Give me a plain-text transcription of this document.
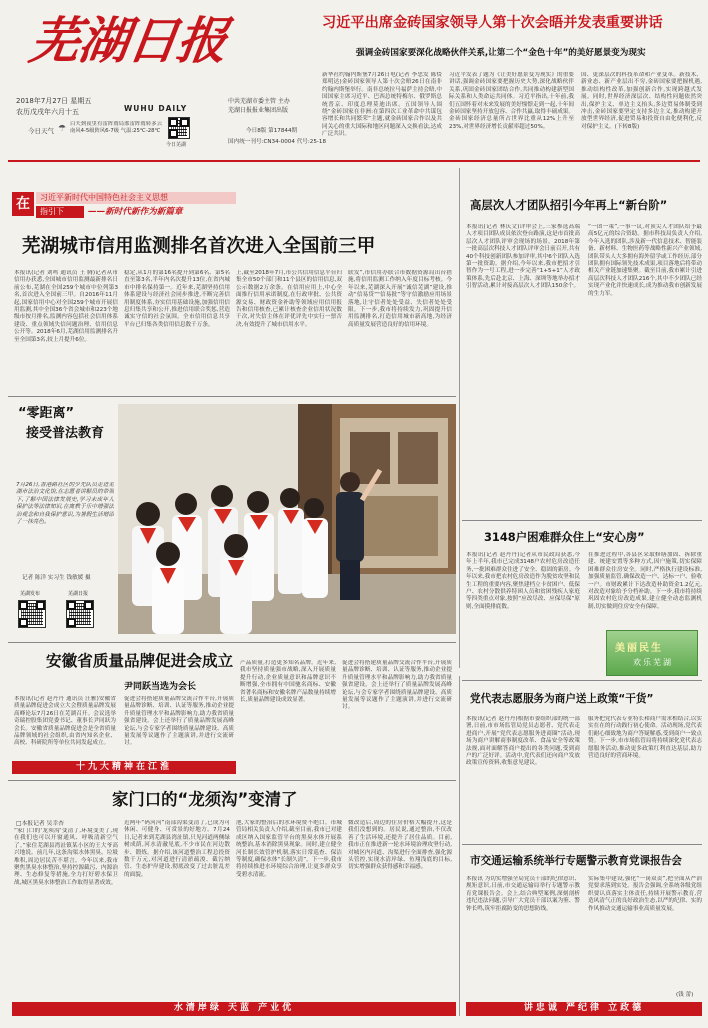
芜湖日报
2018年7月27日 星期五
农历戊戌年六月十五	WUHU DAILY
中共芜湖市委主管 主办
芜湖日报报业集团出版
今日8版 第17844期
国内统一刊号:CN34-0004 代号:25-18
今日芜湖
今日天气 ☂ 白天到夜里有雷阵雨局部雷阵雨转多云 南风4-5级阵风6-7级 气温:25℃-28℃
习近平出席金砖国家领导人第十次会晤并发表重要讲话
强调金砖国家要深化战略伙伴关系,让第二个“金色十年”的美好愿景变为现实
新华社约翰内斯堡7月26日电(记者 李忠发 陈贽 郑明达)金砖国家领导人第十次会晤26日在南非约翰内斯堡举行。南非总统拉马福萨主持会晤,中国国家主席习近平、巴西总统特梅尔、俄罗斯总统普京、印度总理莫迪出席。五国领导人围绕“金砖国家在非洲:在第四次工业革命中共谋包容增长和共同繁荣”主题,就金砖国家合作以及共同关心的重大国际和地区问题深入交换看法,达成广泛共识。
习近平发表了题为《让美好愿景变为现实》的重要讲话,强调金砖国家要把握历史大势,深化战略伙伴关系,巩固金砖国家团结合作,共同推动构建新型国际关系和人类命运共同体。习近平指出,十年前,我们五国怀着对未来发展的美好憧憬走到一起,十年间金砖国家坚持开放包容、合作共赢,取得丰硕成果。金砖国家经济总量所占世界比重从12%上升至23%,对世界经济增长贡献率超过50%。
国、更深层次的科技革命和产业变革。新技术、新业态、新产业层出不穷,金砖国家要把握机遇,推动结构性改革,加强创新合作,实现跨越式发展。同时,世界经济深层次、结构性问题依然突出,保护主义、单边主义抬头,多边贸易体制受到冲击,金砖国家要坚定支持多边主义,推动构建开放型世界经济,促进贸易和投资自由化便利化,反对保护主义。(下转8版)
在	习近平新时代中国特色社会主义思想
指引下	——新时代新作为新篇章
芜湖城市信用监测排名首次进入全国前三甲
本报讯(记者 刘鸣 通讯员 王 腾)记者从市信用办获悉,全国城市信用监测最新排名日前公布,芜湖在全国259个城市中位列第3名,首次进入全国前三甲。自2016年11月起,国家信用中心对全国259个城市开展信用监测,其中全国36个省会城市和223个地级市按月排名,监测内容包括社会信用体系建设、重点领域失信问题治理、信用信息公开等。2018年6月,芜湖信用监测排名升至全国第3名,较上月提升6位。
稳定,从1月的第16名提升到第6名、第5名直至第3名,半年内名次提升13位,在省内城市中排名保持第一。近年来,芜湖坚持信用体系建设与经济社会同步推进,不断完善信用制度体系,夯实信用基础设施,加强信用信息归集共享和公开,推进信用联合奖惩,营造诚实守信的社会氛围。全市信用信息共享平台已归集各类信用信息数千万条。
上,截至2018年7月,市公共信用信息平台归集全市50个部门和11个县区的信用信息,双公示数据2万余条。在信用应用上,中心全面推行信用承诺制度,在行政审批、公共资源交易、财政资金补助等领域应用信用报告和信用核查,已累计核查企业信用状况数千次,对失信主体在评优评先中实行一票否决,有效提升了城市信用水平。
联发”,市信用办联合市数据资源局出台措施,将信用监测工作纳入年度目标考核。今年以来,芜湖深入开展“诚信芜湖”建设,推动“信易贷”“信易批”等守信激励应用场景落地,让守信者处处受益、失信者处处受限。下一步,我市将持续发力,巩固提升信用监测排名,打造信用城市新高地,为经济高质量发展营造良好的信用环境。
高层次人才团队招引今年再上“新台阶”
本报讯(记者 林庆文)评审会上,三家参选高端人才项目团队成员依次登台路演,这是市首批高层次人才团队评审会现场的场景。2018年第一批高层次科技人才团队评审会日前召开,共有40个科技创新团队参加评审,其中6个团队入选第一批资助。据介绍,今年以来,我市把招才引智作为一号工程,进一步完善“1+5+1”人才政策体系,先后赴北京、上海、深圳等地举办招才引智活动,累计对接高层次人才团队150余个。
“一团一策”,一事一议,对顶尖人才团队给予最高5亿元的综合资助。据市科技局负责人介绍,今年入选的团队,涉及新一代信息技术、智能装备、新材料、生物医药等战略性新兴产业领域,团队带头人大多拥有海外留学或工作经历,部分团队拥有国际领先技术成果,项目落地后将带动相关产业链加速集聚。截至目前,我市累计引进高层次科技人才团队216个,其中不少团队已经实现产业化并快速成长,成为推动我市创新发展的生力军。
“零距离”
接受普法教育
7月26日,香港路社区的少先队员走进芜湖市法治文化馆,在志愿者讲解员的带领下,了解中国法律发展史,学习未成年人保护法等法律知识,在寓教于乐中增强法治观念和自我保护意识,为暑假生活增添了一抹亮色。
记者 陈洋 实习生 钱敏媛 摄
芜湖发布	芜湖日报
3148户困难群众住上“安心房”
本报讯(记者 赵丹丹)记者从市民政局获悉,今年上半年,我市已完成3148户农村危房改造任务,一批困难群众住进了安全、稳固的新房。今年以来,我市把农村危房改造作为脱贫攻坚和民生工程的重要内容,聚焦建档立卡贫困户、低保户、农村分散供养特困人员和贫困残疾人家庭等四类重点对象,按照“应改尽改、应保尽保”原则,全面摸排底数。
在推进过程中,各县区采取修缮加固、拆除重建、统建安置等多种方式,因户施策,切实保障困难群众住房安全。同时,严格执行建设标准,加强质量监管,确保改造一户、达标一户、验收一户。市财政累计下达改造补助资金1.2亿元,对改造对象给予分档补助。下一步,我市将持续巩固农村危房改造成果,建立健全动态监测机制,切实做到住房安全有保障。
美丽民生
欢乐芜湖
安徽省质量品牌促进会成立
尹同跃当选为会长
本报讯(记者 赵丹丹 通讯员 汪雅)安徽省质量品牌促进会成立大会暨质量品牌发展高峰论坛7月26日在芜湖召开。会议选举奇瑞控股集团党委书记、董事长尹同跃为会长。安徽省质量品牌促进会是全省质量品牌领域的社会组织,由省内知名企业、高校、科研院所等单位共同发起成立。
促进会将搭建质量品牌交流合作平台,开展质量品牌诊断、培训、认证等服务,推动企业提升质量管理水平和品牌影响力,助力我省质量强省建设。会上还举行了质量品牌发展高峰论坛,与会专家学者围绕质量品牌建设、高质量发展等议题作了主题演讲,并进行交流研讨。
产品质量,打造更多知名品牌。近年来,我市坚持质量强市战略,深入开展质量提升行动,企业质量意识和品牌意识不断增强,全市拥有中国驰名商标、安徽省著名商标和安徽名牌产品数量持续增长,质量品牌建设成效显著。
促进会将搭建质量品牌交流合作平台,开展质量品牌诊断、培训、认证等服务,推动企业提升质量管理水平和品牌影响力,助力我省质量强省建设。会上还举行了质量品牌发展高峰论坛,与会专家学者围绕质量品牌建设、高质量发展等议题作了主题演讲,并进行交流研讨。
十九大精神在江淮
党代表志愿服务为商户送上政策“干货”
本报讯(记者 赵丹丹)根据市委组织部的统一部署,日前,市市场监管局党员志愿者、党代表走进商户,开展“党代表志愿服务进商圈”活动,现场为商户讲解商事制度改革、食品安全等政策法规,面对面解答商户提出的各类问题,受到商户的广泛好评。活动中,党代表们还向商户发放政策宣传资料,收集意见建议。
服务把党代表专业特长和商户需求相结合,以实实在在的行动践行初心使命。活动现场,党代表们耐心细致地为商户答疑解惑,受到商户一致点赞。下一步,市市场监管局将持续深化党代表志愿服务活动,推动更多政策红利直达基层,助力营造良好的营商环境。
家门口的“龙须沟”变清了
□本报记者 吴幸杏
“家门口的‘龙须沟’变清了,环境变美了,现在我们也可以开窗通风、呼吸清新空气了。”家住芜湖县湾沚镇某小区的王大爷高兴地说。前几年,这条沟渠水体黑臭、垃圾堆积,周边居民苦不堪言。今年以来,我市聚焦黑臭水体整治,坚持控源截污、内源治理、生态修复等措施,全力打好碧水保卫战,城区黑臭水体整治工作取得显著成效。
近两年“码河河”南部沟渠变清了,已成为可休闲、可健身、可赏景的好地方。7月24日,记者来到芜湖县湾沚镇,只见河道两侧绿树成荫,河水清澈见底,不少市民在河边散步、锻炼。据介绍,该河道整治工程总投资数千万元,对河道进行清淤疏浚、截污纳管、生态护岸建设,彻底改变了过去脏乱差的面貌。
池,大家的整治后的水环境赞不绝口。市城管局相关负责人介绍,截至目前,我市已对建成区纳入国家监管平台的黑臭水体开展系统整治,基本消除黑臭现象。同时,建立健全河长制长效管护机制,落实日常巡查、保洁等制度,确保水体“长制久清”。下一步,我市将持续推进水环境综合治理,让更多群众享受碧水清流。
微改造后,周边的住房价格大幅提升,这是我们没想到的。居民说,通过整治,不仅改善了生活环境,还提升了居住品质。目前,我市正在推进新一轮水环境治理攻坚行动,对城区内河道、沟渠进行全面排查,强化源头管控,实现水清岸绿、鱼翔浅底的目标,切实增强群众获得感和幸福感。
水清岸绿 天蓝 产业优
市交通运输系统举行专题警示教育党课报告会
本报讯 为切实增强全局党员干部的纪律意识、规矩意识,日前,市交通运输局举行专题警示教育党课报告会。会上,结合典型案例,深刻剖析违纪违法问题,引导广大党员干部以案为鉴、警钟长鸣,筑牢拒腐防变的思想防线。
实际集中建设,强化“一岗双责”,把全面从严治党要求落到实处。报告会强调,全系统各级党组织要认真落实主体责任,持续开展警示教育,营造风清气正的良好政治生态,以严的纪律、实的作风推动交通运输事业高质量发展。
(钱 蕾)
讲忠诚 严纪律 立政德
